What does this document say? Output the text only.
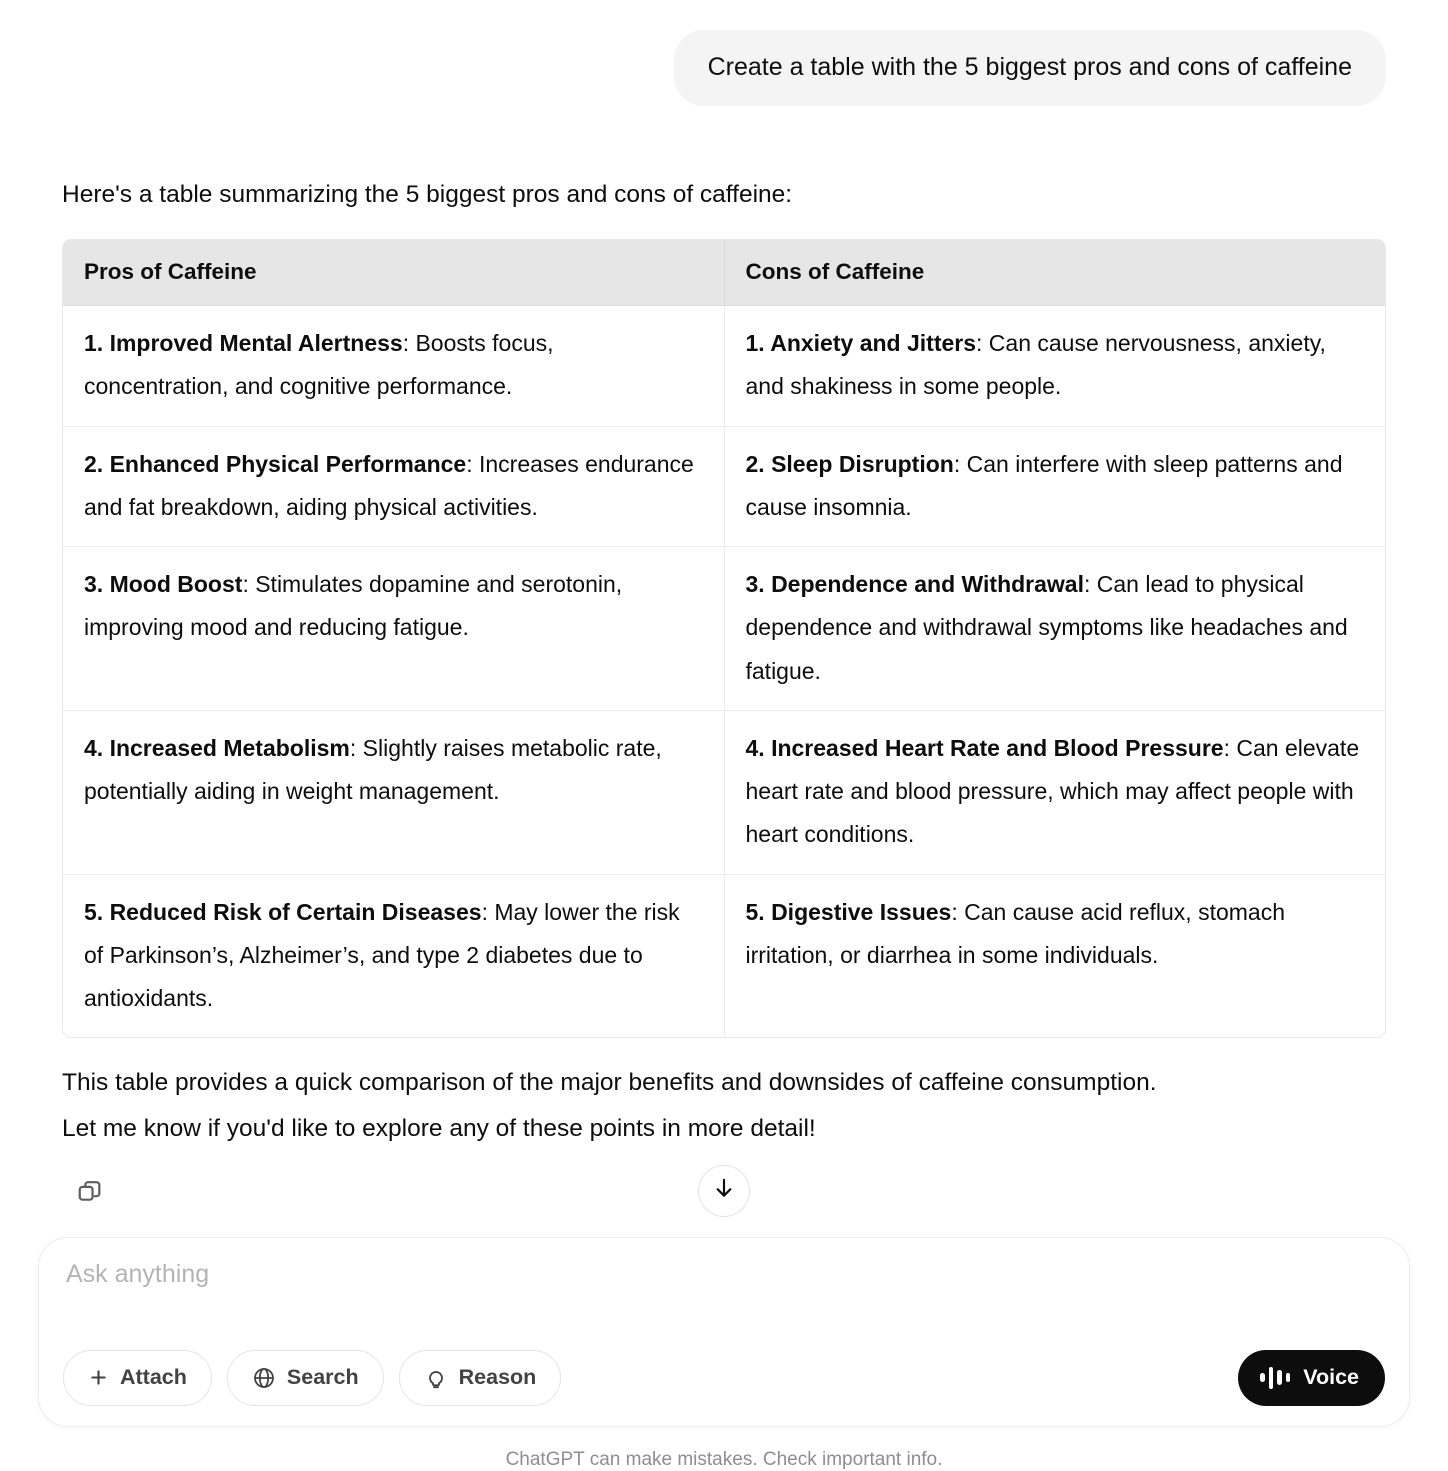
Create a table with the 5 biggest pros and cons of caffeine
Here's a table summarizing the 5 biggest pros and cons of caffeine:
Pros of Caffeine	Cons of Caffeine
1. Improved Mental Alertness: Boosts focus, concentration, and cognitive performance.	1. Anxiety and Jitters: Can cause nervousness, anxiety, and shakiness in some people.
2. Enhanced Physical Performance: Increases endurance and fat breakdown, aiding physical activities.	2. Sleep Disruption: Can interfere with sleep patterns and cause insomnia.
3. Mood Boost: Stimulates dopamine and serotonin, improving mood and reducing fatigue.	3. Dependence and Withdrawal: Can lead to physical dependence and withdrawal symptoms like headaches and fatigue.
4. Increased Metabolism: Slightly raises metabolic rate, potentially aiding in weight management.	4. Increased Heart Rate and Blood Pressure: Can elevate heart rate and blood pressure, which may affect people with heart conditions.
5. Reduced Risk of Certain Diseases: May lower the risk of Parkinson’s, Alzheimer’s, and type 2 diabetes due to antioxidants.	5. Digestive Issues: Can cause acid reflux, stomach irritation, or diarrhea in some individuals.
This table provides a quick comparison of the major benefits and downsides of caffeine consumption.
Let me know if you'd like to explore any of these points in more detail!
Ask anything
Attach	Search	Reason	Voice
ChatGPT can make mistakes. Check important info.
